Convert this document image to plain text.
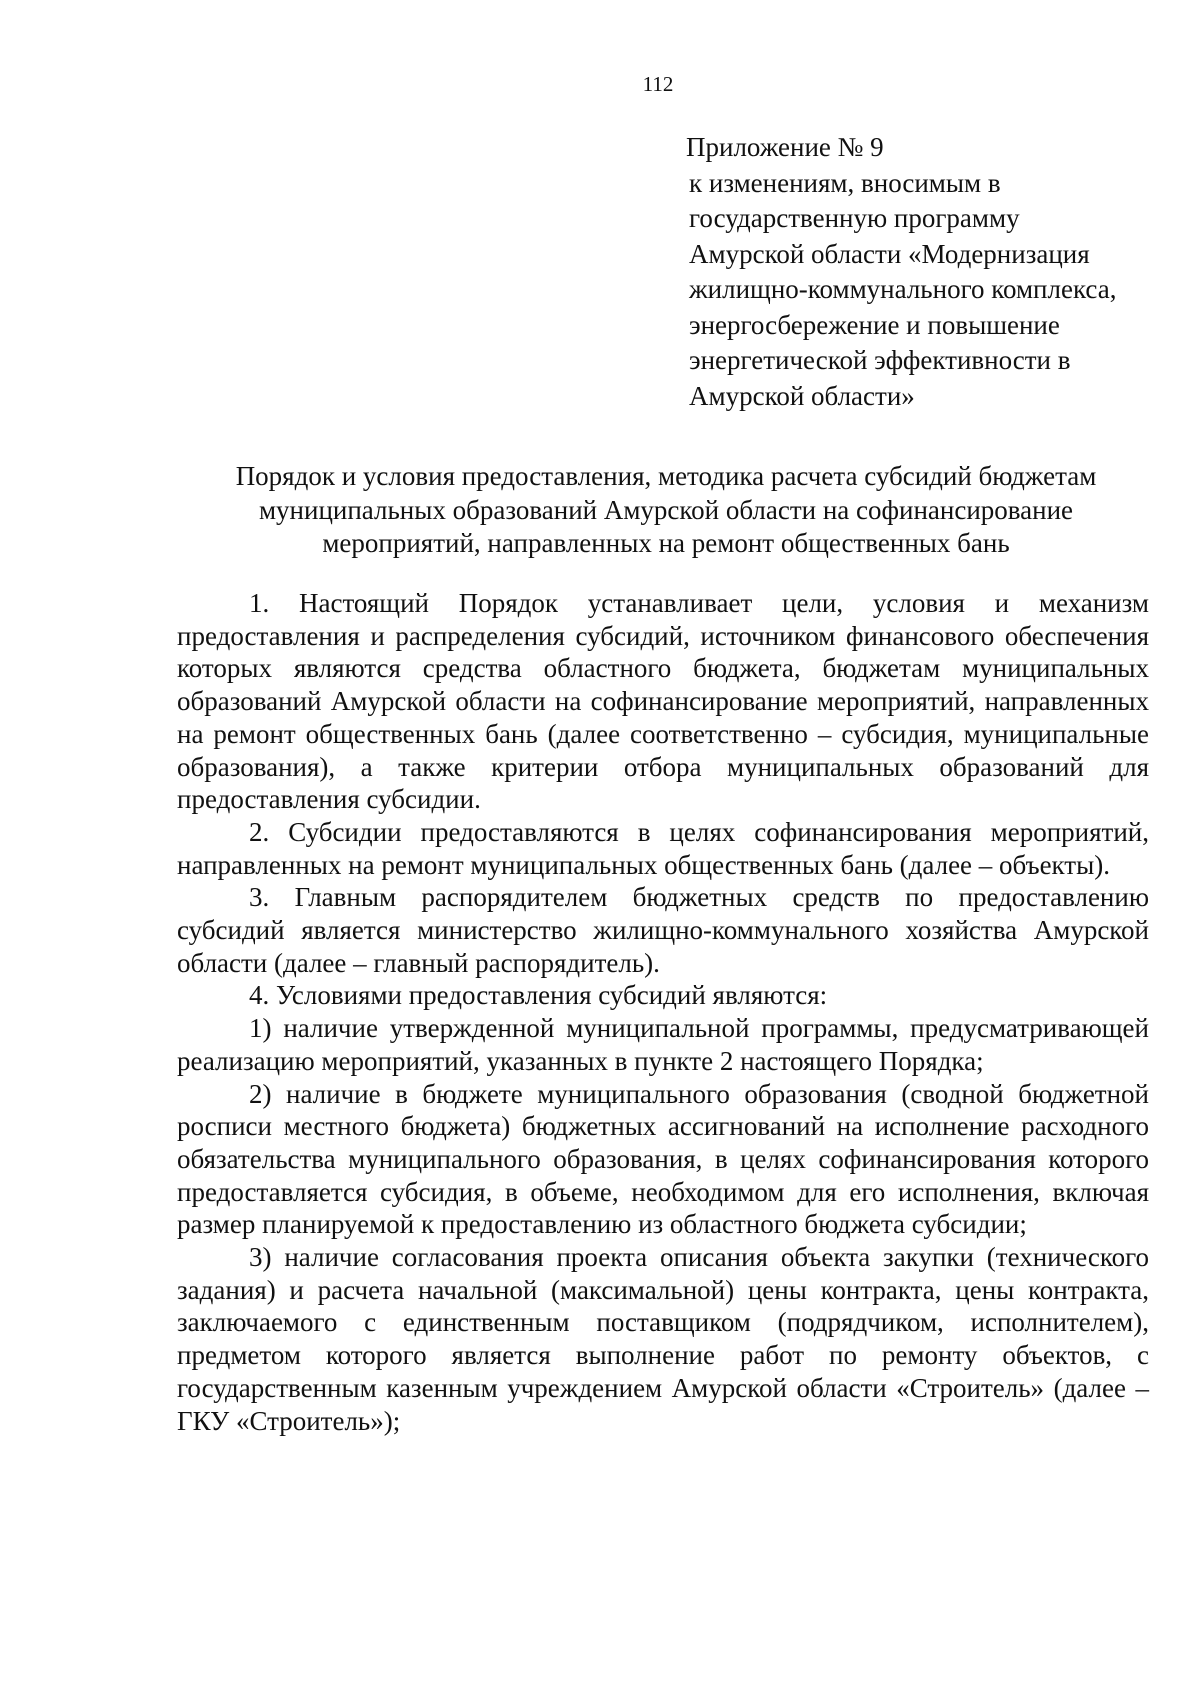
112
Приложение № 9
к изменениям, вносимым в
государственную программу
Амурской области «Модернизация
жилищно-коммунального комплекса,
энергосбережение и повышение
энергетической эффективности в
Амурской области»
Порядок и условия предоставления, методика расчета субсидий бюджетам
муниципальных образований Амурской области на софинансирование
мероприятий, направленных на ремонт общественных бань

1. Настоящий Порядок устанавливает цели, условия и механизм предоставления и распределения субсидий, источником финансового обеспечения которых являются средства областного бюджета, бюджетам муниципальных образований Амурской области на софинансирование мероприятий, направленных на ремонт общественных бань (далее соответственно – субсидия, муниципальные образования), а также критерии отбора муниципальных образований для предоставления субсидии.

2. Субсидии предоставляются в целях софинансирования мероприятий, направленных на ремонт муниципальных общественных бань (далее – объекты).

3. Главным распорядителем бюджетных средств по предоставлению субсидий является министерство жилищно-коммунального хозяйства Амурской области (далее – главный распорядитель).

4. Условиями предоставления субсидий являются:

1) наличие утвержденной муниципальной программы, предусматривающей реализацию мероприятий, указанных в пункте 2 настоящего Порядка;

2) наличие в бюджете муниципального образования (сводной бюджетной росписи местного бюджета) бюджетных ассигнований на исполнение расходного обязательства муниципального образования, в целях софинансирования которого предоставляется субсидия, в объеме, необходимом для его исполнения, включая размер планируемой к предоставлению из областного бюджета субсидии;

3) наличие согласования проекта описания объекта закупки (технического задания) и расчета начальной (максимальной) цены контракта, цены контракта, заключаемого с единственным поставщиком (подрядчиком, исполнителем), предметом которого является выполнение работ по ремонту объектов, с государственным казенным учреждением Амурской области «Строитель» (далее – ГКУ «Строитель»);
